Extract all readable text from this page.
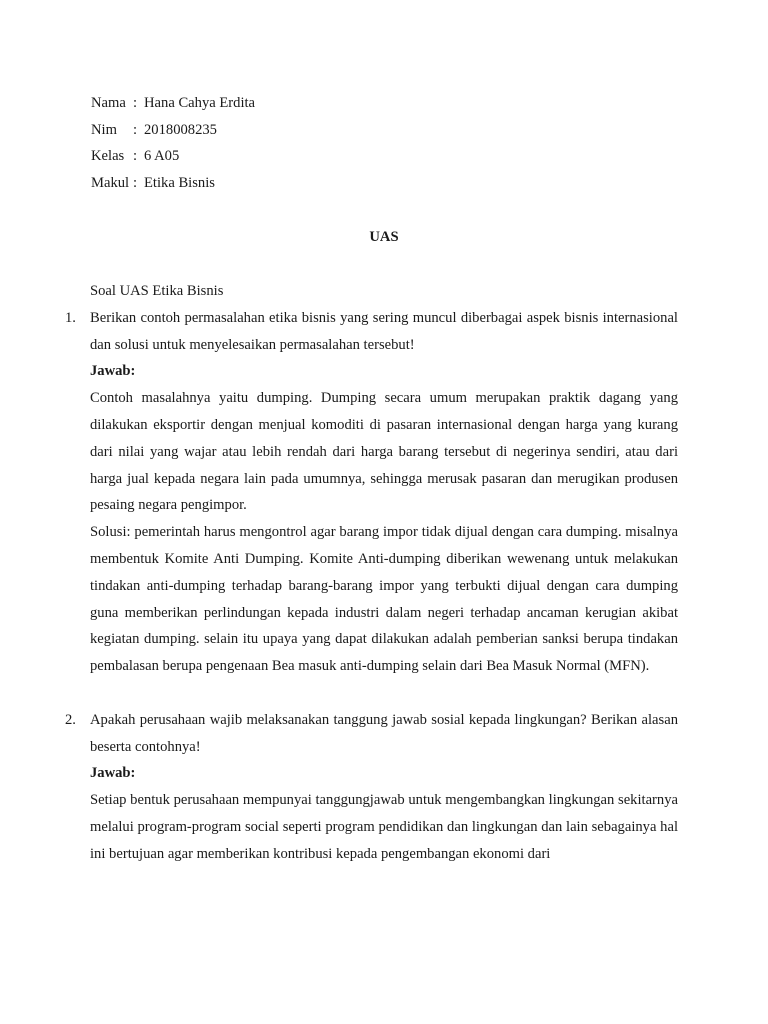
Nama : Hana Cahya Erdita
Nim : 2018008235
Kelas : 6 A05
Makul : Etika Bisnis
UAS

Soal UAS Etika Bisnis

1. Berikan contoh permasalahan etika bisnis yang sering muncul diberbagai aspek bisnis internasional dan solusi untuk menyelesaikan permasalahan tersebut!

Jawab:

Contoh masalahnya yaitu dumping. Dumping secara umum merupakan praktik dagang yang dilakukan eksportir dengan menjual komoditi di pasaran internasional dengan harga yang kurang dari nilai yang wajar atau lebih rendah dari harga barang tersebut di negerinya sendiri, atau dari harga jual kepada negara lain pada umumnya, sehingga merusak pasaran dan merugikan produsen pesaing negara pengimpor.

Solusi: pemerintah harus mengontrol agar barang impor tidak dijual dengan cara dumping. misalnya membentuk Komite Anti Dumping. Komite Anti-dumping diberikan wewenang untuk melakukan tindakan anti-dumping terhadap barang-barang impor yang terbukti dijual dengan cara dumping guna memberikan perlindungan kepada industri dalam negeri terhadap ancaman kerugian akibat kegiatan dumping. selain itu upaya yang dapat dilakukan adalah pemberian sanksi berupa tindakan pembalasan berupa pengenaan Bea masuk anti-dumping selain dari Bea Masuk Normal (MFN).

2. Apakah perusahaan wajib melaksanakan tanggung jawab sosial kepada lingkungan? Berikan alasan beserta contohnya!

Jawab:

Setiap bentuk perusahaan mempunyai tanggungjawab untuk mengembangkan lingkungan sekitarnya melalui program-program social seperti program pendidikan dan lingkungan dan lain sebagainya hal ini bertujuan agar memberikan kontribusi kepada pengembangan ekonomi dari
